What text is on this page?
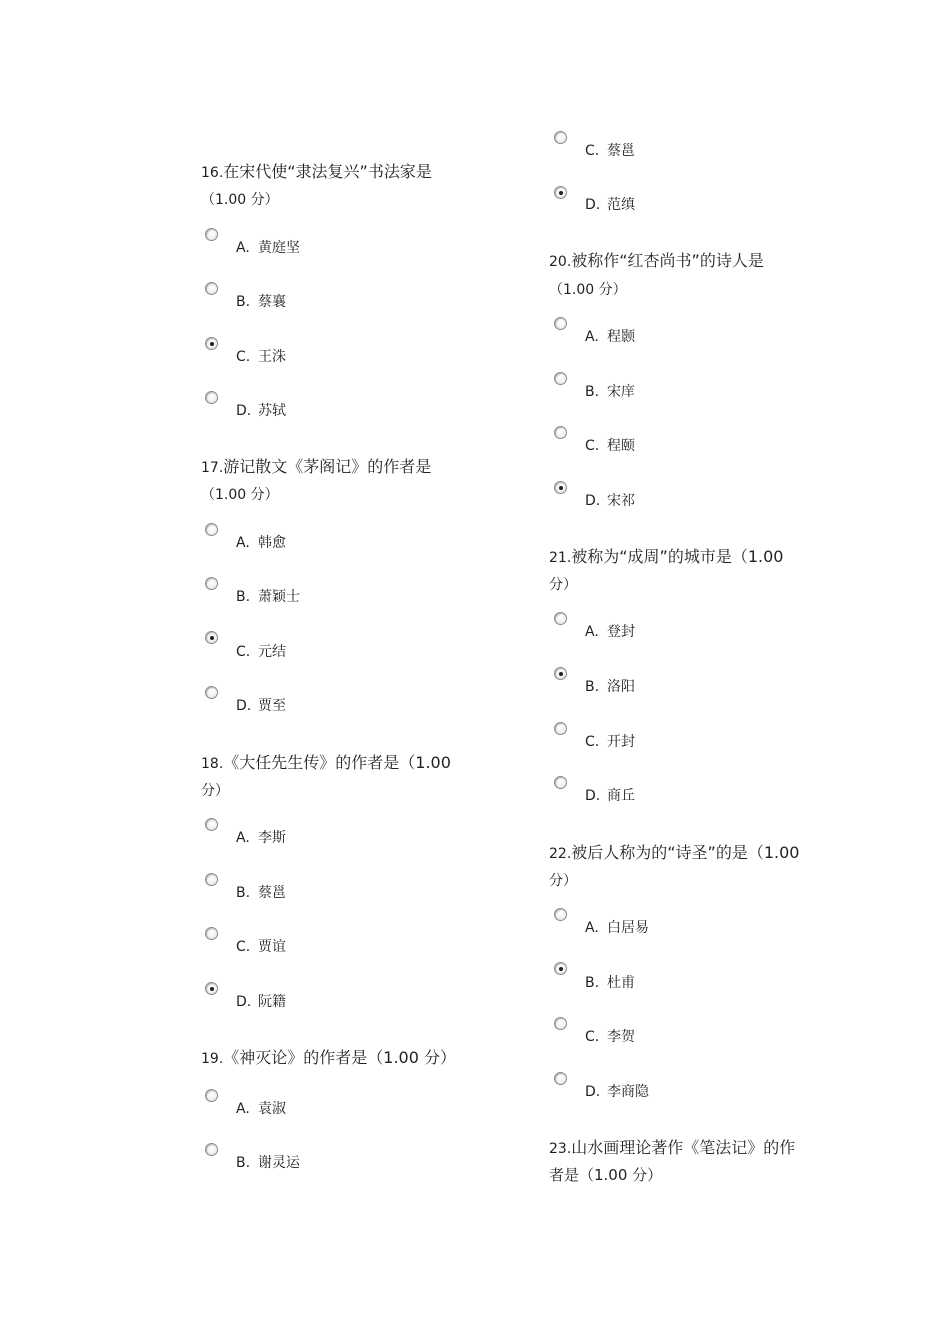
16.在宋代使“隶法复兴”书法家是
（1.00 分）
A. 黄庭坚
B. 蔡襄
C. 王洙
D. 苏轼
17.游记散文《茅阁记》的作者是
（1.00 分）
A. 韩愈
B. 萧颖士
C. 元结
D. 贾至
18.《大任先生传》的作者是（1.00
分）
A. 李斯
B. 蔡邕
C. 贾谊
D. 阮籍
19.《神灭论》的作者是（1.00 分）
A. 袁淑
B. 谢灵运
C. 蔡邕
D. 范缜
20.被称作“红杏尚书”的诗人是
（1.00 分）
A. 程颢
B. 宋庠
C. 程颐
D. 宋祁
21.被称为“成周”的城市是（1.00
分）
A. 登封
B. 洛阳
C. 开封
D. 商丘
22.被后人称为的“诗圣”的是（1.00
分）
A. 白居易
B. 杜甫
C. 李贺
D. 李商隐
23.山水画理论著作《笔法记》的作
者是（1.00 分）
